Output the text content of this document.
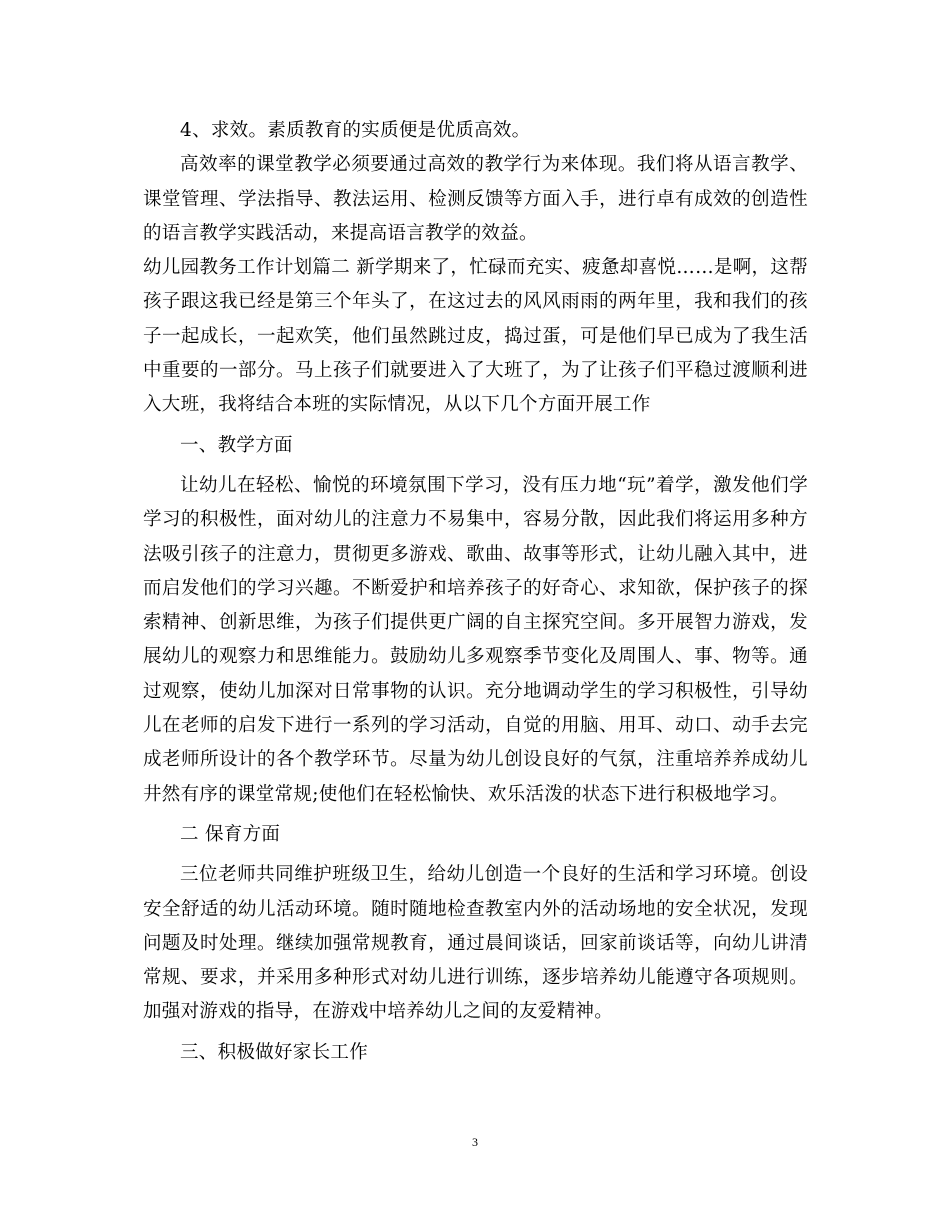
4、求效。素质教育的实质便是优质高效。

高效率的课堂教学必须要通过高效的教学行为来体现。我们将从语言教学、课堂管理、学法指导、教法运用、检测反馈等方面入手，进行卓有成效的创造性的语言教学实践活动，来提高语言教学的效益。

幼儿园教务工作计划篇二 新学期来了，忙碌而充实、疲惫却喜悦……是啊，这帮孩子跟这我已经是第三个年头了，在这过去的风风雨雨的两年里，我和我们的孩子一起成长，一起欢笑，他们虽然跳过皮，捣过蛋，可是他们早已成为了我生活中重要的一部分。马上孩子们就要进入了大班了，为了让孩子们平稳过渡顺利进入大班，我将结合本班的实际情况，从以下几个方面开展工作

一、教学方面

让幼儿在轻松、愉悦的环境氛围下学习，没有压力地“玩”着学，激发他们学学习的积极性，面对幼儿的注意力不易集中，容易分散，因此我们将运用多种方法吸引孩子的注意力，贯彻更多游戏、歌曲、故事等形式，让幼儿融入其中，进而启发他们的学习兴趣。不断爱护和培养孩子的好奇心、求知欲，保护孩子的探索精神、创新思维，为孩子们提供更广阔的自主探究空间。多开展智力游戏，发展幼儿的观察力和思维能力。鼓励幼儿多观察季节变化及周围人、事、物等。通过观察，使幼儿加深对日常事物的认识。充分地调动学生的学习积极性，引导幼儿在老师的启发下进行一系列的学习活动，自觉的用脑、用耳、动口、动手去完成老师所设计的各个教学环节。尽量为幼儿创设良好的气氛，注重培养养成幼儿井然有序的课堂常规;使他们在轻松愉快、欢乐活泼的状态下进行积极地学习。

二 保育方面

三位老师共同维护班级卫生，给幼儿创造一个良好的生活和学习环境。创设安全舒适的幼儿活动环境。随时随地检查教室内外的活动场地的安全状况，发现问题及时处理。继续加强常规教育，通过晨间谈话，回家前谈话等，向幼儿讲清常规、要求，并采用多种形式对幼儿进行训练，逐步培养幼儿能遵守各项规则。加强对游戏的指导，在游戏中培养幼儿之间的友爱精神。

三、积极做好家长工作

3
